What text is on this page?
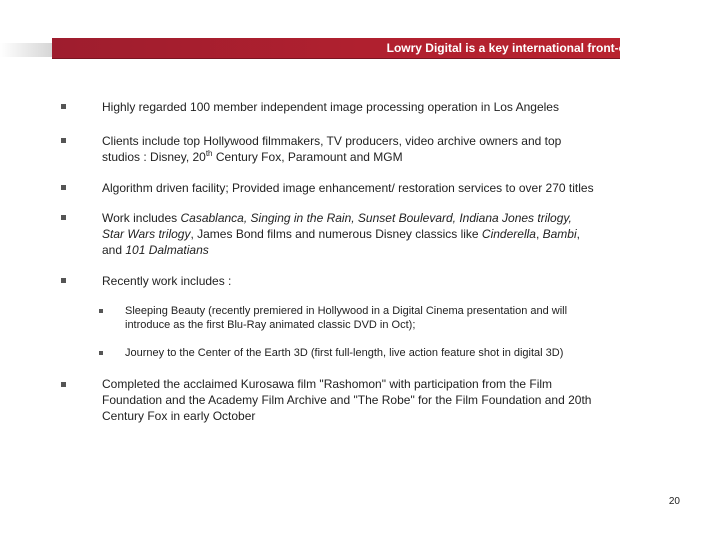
Lowry Digital is a key international front-end in Hollywood
Highly regarded 100 member independent image processing operation in Los Angeles
Clients include top Hollywood filmmakers, TV producers, video archive owners and top
studios : Disney, 20th Century Fox, Paramount and MGM
Algorithm driven facility; Provided image enhancement/ restoration services to over 270 titles
Work includes Casablanca, Singing in the Rain, Sunset Boulevard, Indiana Jones trilogy,
Star Wars trilogy, James Bond films and numerous Disney classics like Cinderella, Bambi,
and 101 Dalmatians
Recently work includes :
Sleeping Beauty (recently premiered in Hollywood in a Digital Cinema presentation and will
introduce as the first Blu-Ray animated classic DVD in Oct);
Journey to the Center of the Earth 3D (first full-length, live action feature shot in digital 3D)
Completed the acclaimed Kurosawa film "Rashomon" with participation from the Film
Foundation and the Academy Film Archive and "The Robe" for the Film Foundation and 20th
Century Fox in early October
20
